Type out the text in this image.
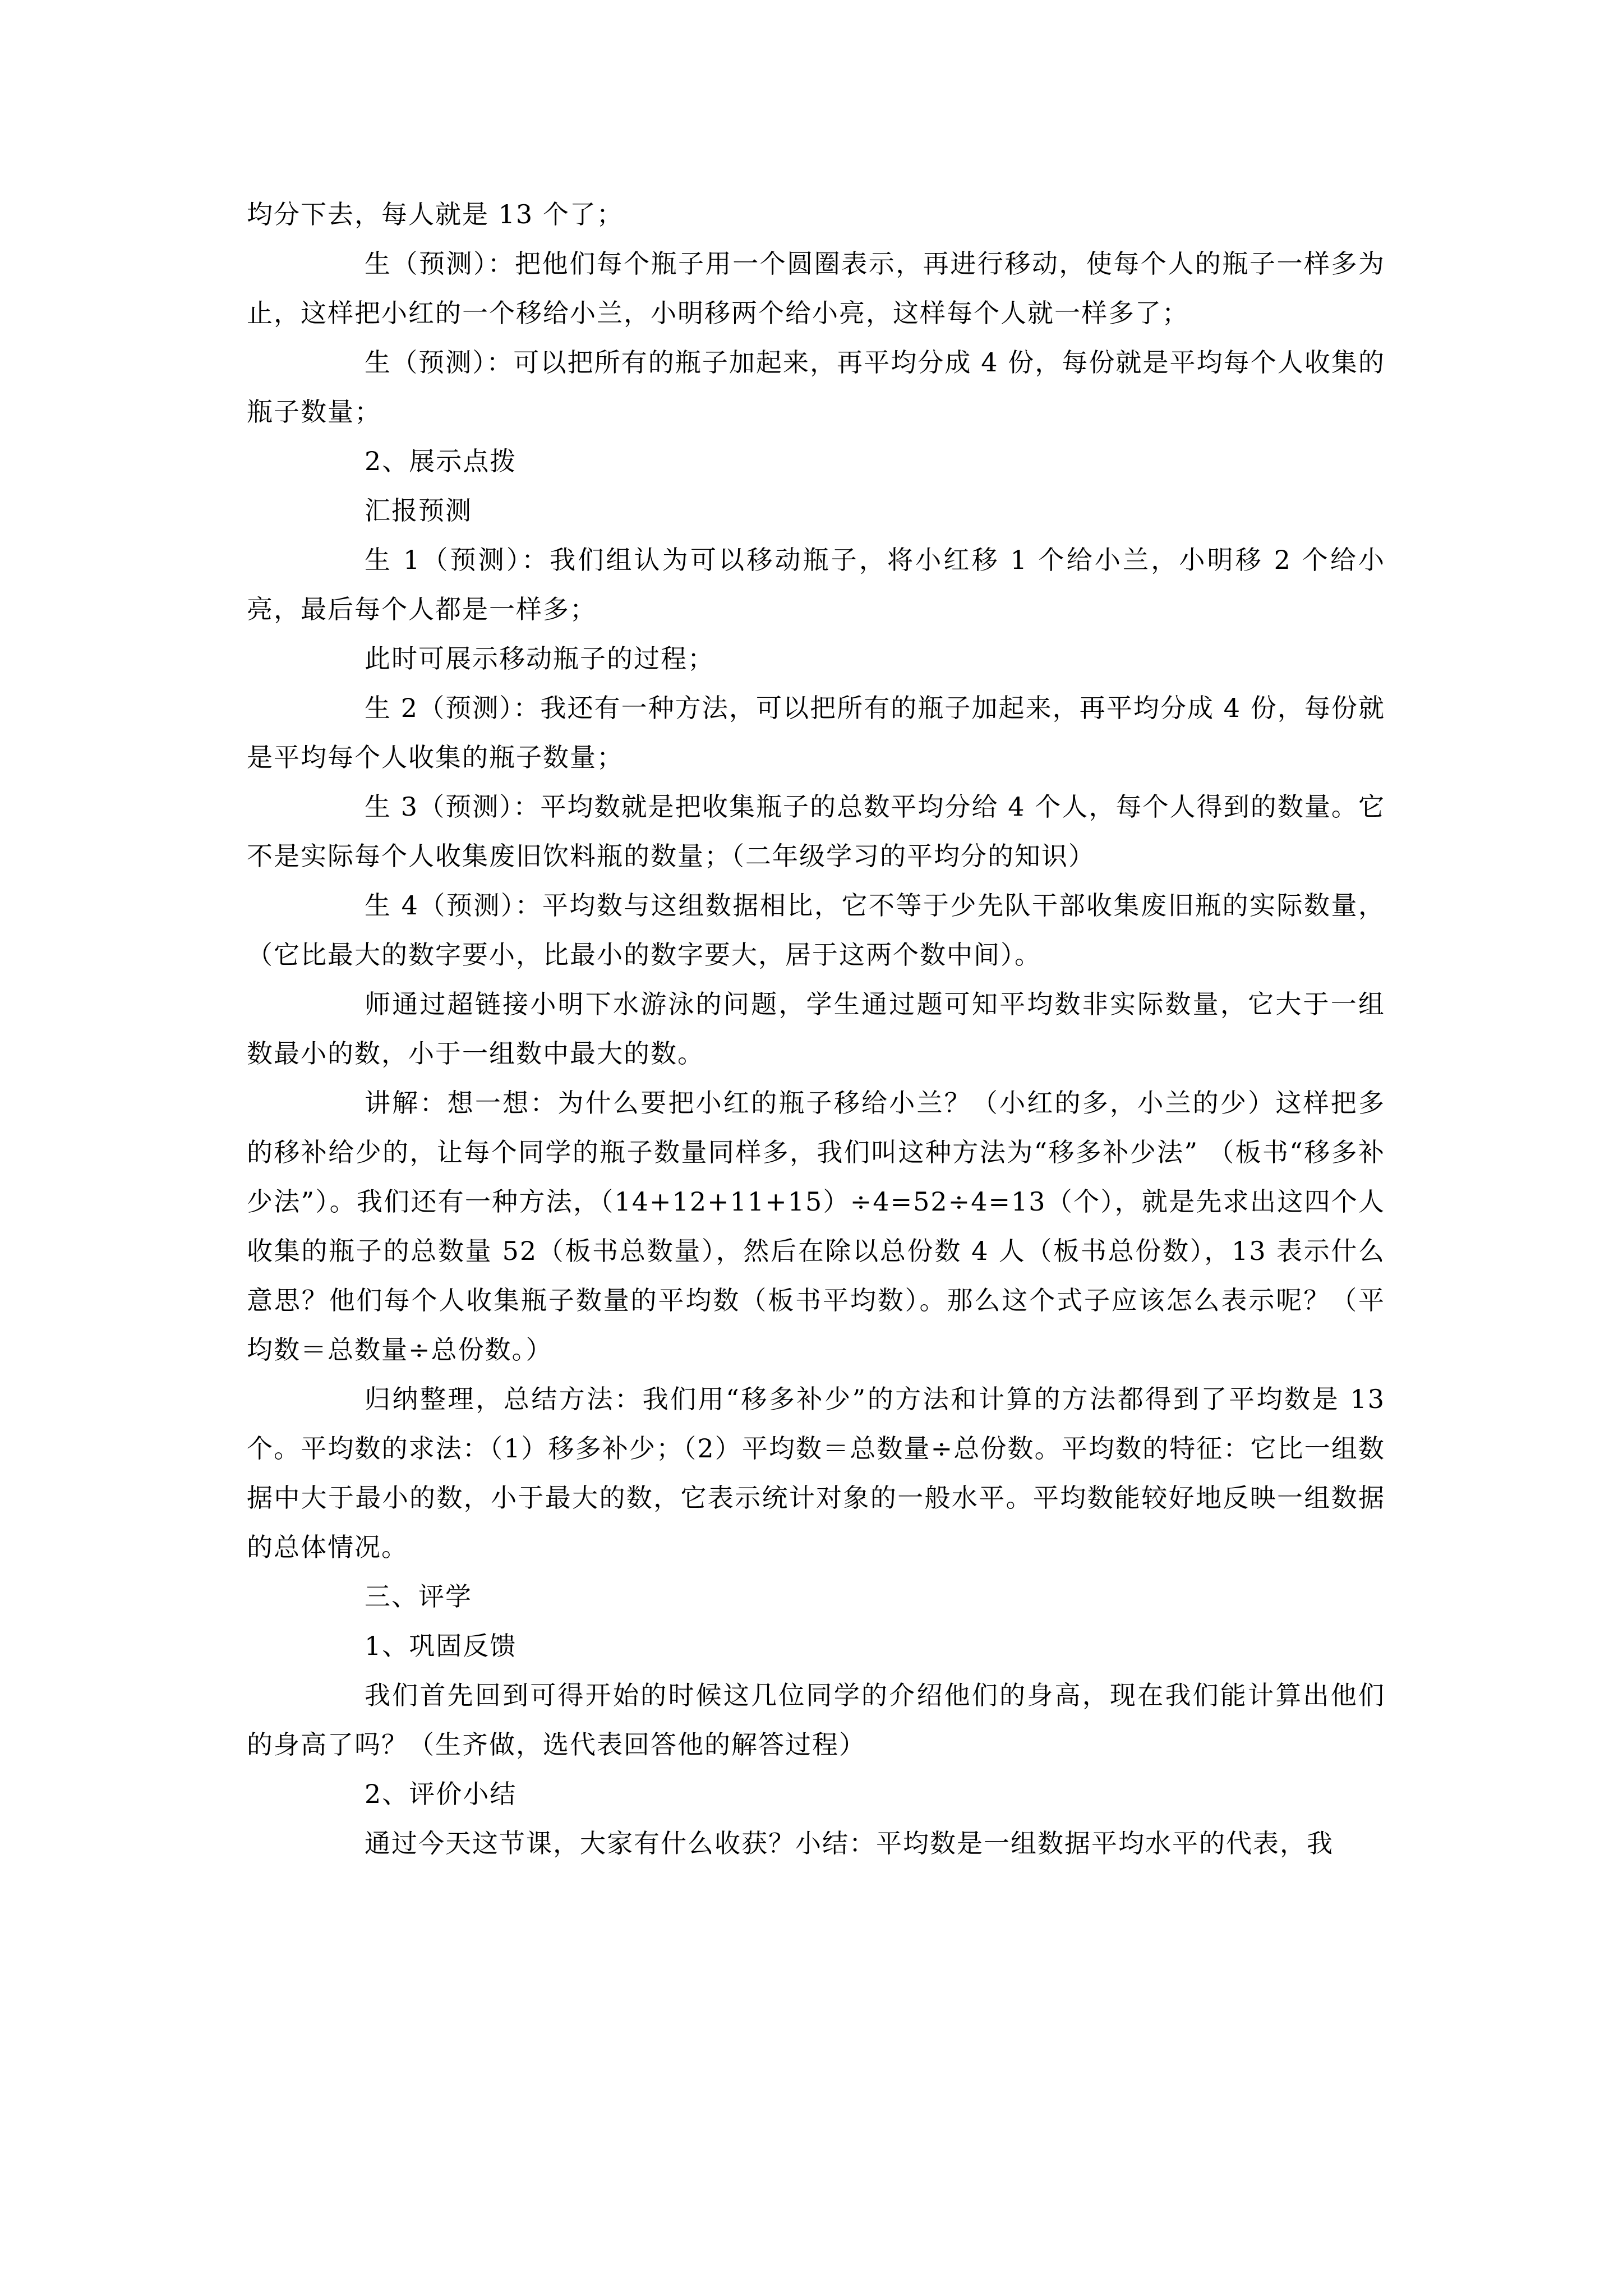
均分下去，每人就是 13 个了；

生（预测）：把他们每个瓶子用一个圆圈表示，再进行移动，使每个人的瓶子一样多为止，这样把小红的一个移给小兰，小明移两个给小亮，这样每个人就一样多了；

生（预测）：可以把所有的瓶子加起来，再平均分成 4 份，每份就是平均每个人收集的瓶子数量；

2、展示点拨

汇报预测

生 1（预测）：我们组认为可以移动瓶子，将小红移 1 个给小兰，小明移 2 个给小亮，最后每个人都是一样多；

此时可展示移动瓶子的过程；

生 2（预测）：我还有一种方法，可以把所有的瓶子加起来，再平均分成 4 份，每份就是平均每个人收集的瓶子数量；

生 3（预测）：平均数就是把收集瓶子的总数平均分给 4 个人，每个人得到的数量。它不是实际每个人收集废旧饮料瓶的数量；（二年级学习的平均分的知识）

生 4（预测）：平均数与这组数据相比，它不等于少先队干部收集废旧瓶的实际数量，（它比最大的数字要小，比最小的数字要大，居于这两个数中间）。

师通过超链接小明下水游泳的问题，学生通过题可知平均数非实际数量，它大于一组数最小的数，小于一组数中最大的数。

讲解：想一想：为什么要把小红的瓶子移给小兰？（小红的多，小兰的少）这样把多的移补给少的，让每个同学的瓶子数量同样多，我们叫这种方法为“移多补少法” （板书“移多补少法”）。我们还有一种方法，（14+12+11+15）÷4=52÷4=13（个），就是先求出这四个人收集的瓶子的总数量 52（板书总数量），然后在除以总份数 4 人（板书总份数），13 表示什么意思？他们每个人收集瓶子数量的平均数（板书平均数）。那么这个式子应该怎么表示呢？（平均数＝总数量÷总份数。）

归纳整理，总结方法：我们用“移多补少”的方法和计算的方法都得到了平均数是 13 个。平均数的求法：（1）移多补少；（2）平均数＝总数量÷总份数。平均数的特征：它比一组数据中大于最小的数，小于最大的数，它表示统计对象的一般水平。平均数能较好地反映一组数据的总体情况。

三、评学

1、巩固反馈

我们首先回到可得开始的时候这几位同学的介绍他们的身高，现在我们能计算出他们的身高了吗？（生齐做，选代表回答他的解答过程）

2、评价小结

通过今天这节课，大家有什么收获？小结：平均数是一组数据平均水平的代表，我
